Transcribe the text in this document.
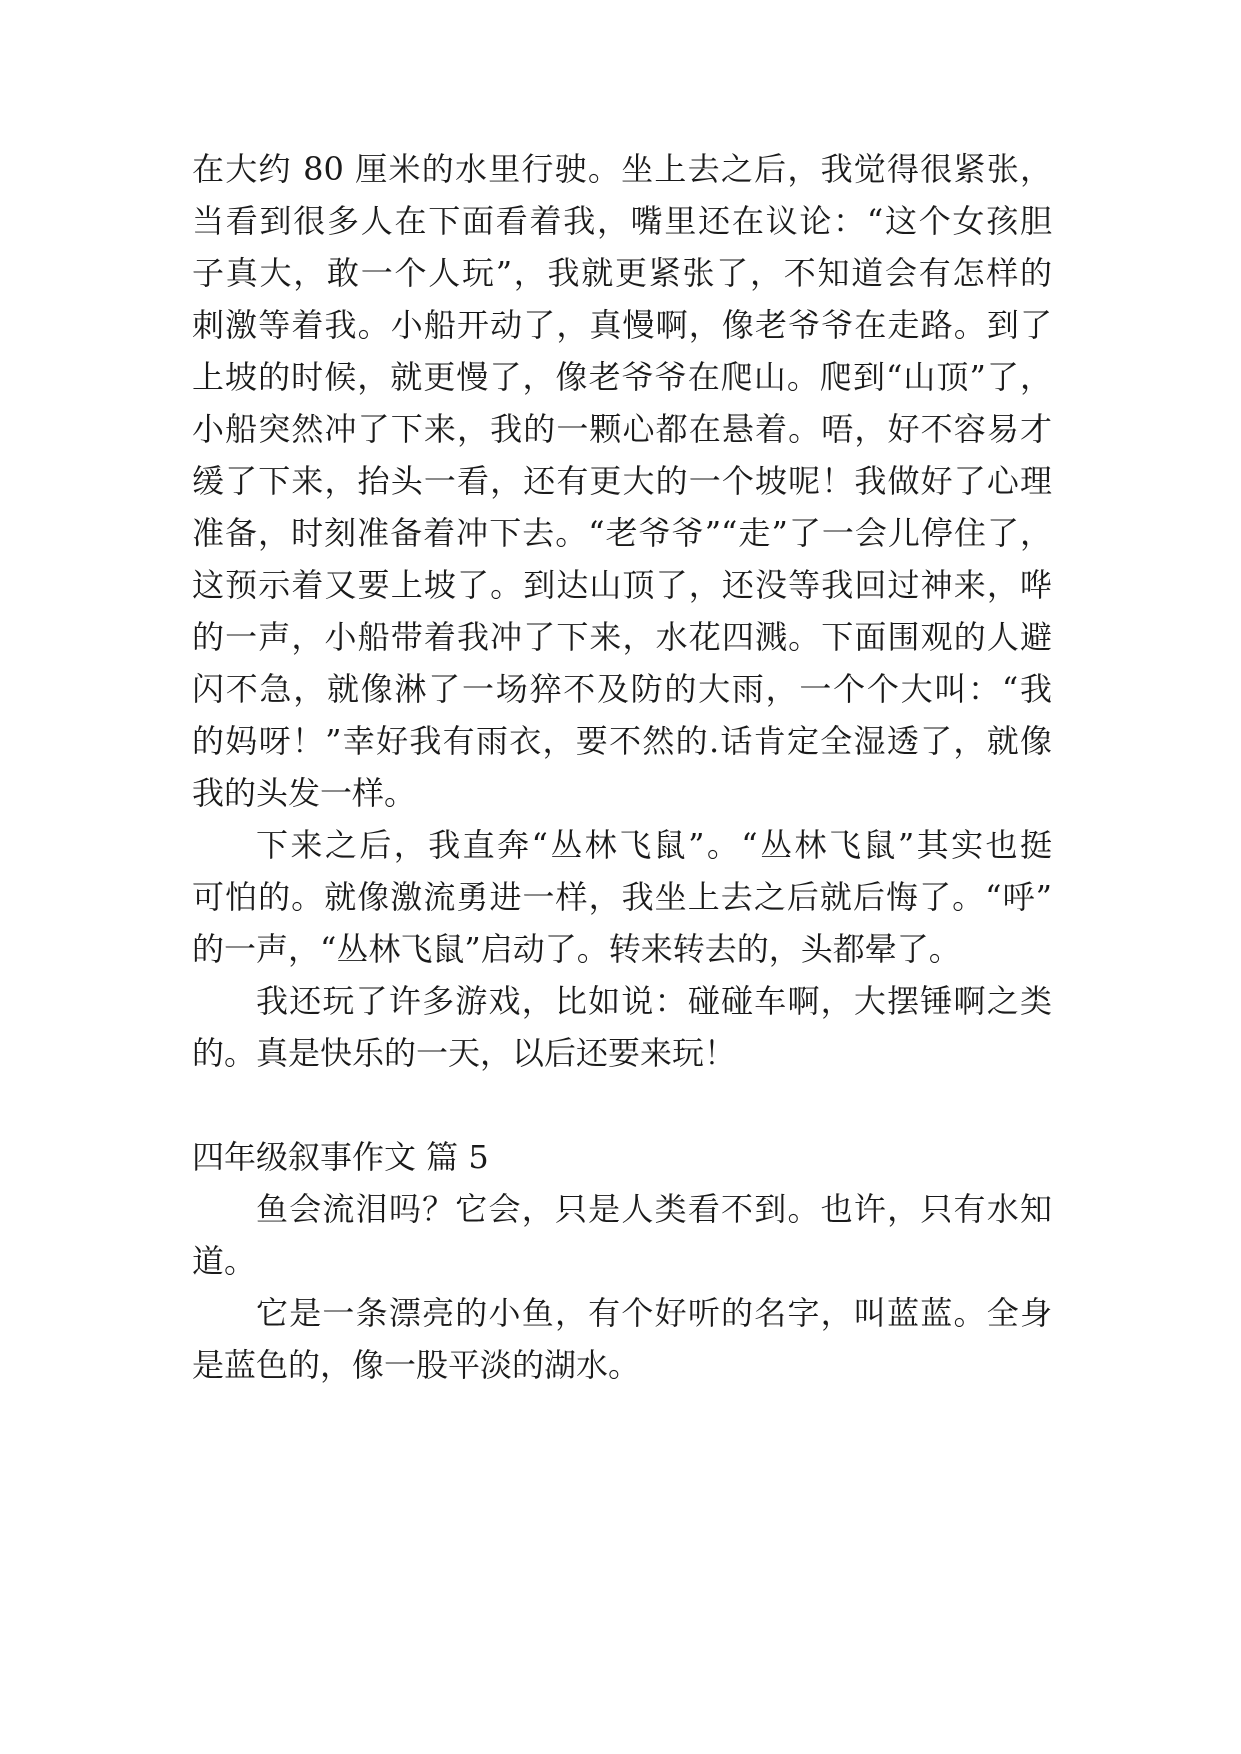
在大约 80 厘米的水里行驶。坐上去之后，我觉得很紧张，
当看到很多人在下面看着我，嘴里还在议论：“这个女孩胆
子真大，敢一个人玩”，我就更紧张了，不知道会有怎样的
刺激等着我。小船开动了，真慢啊，像老爷爷在走路。到了
上坡的时候，就更慢了，像老爷爷在爬山。爬到“山顶”了，
小船突然冲了下来，我的一颗心都在悬着。唔，好不容易才
缓了下来，抬头一看，还有更大的一个坡呢！我做好了心理
准备，时刻准备着冲下去。“老爷爷”“走”了一会儿停住了，
这预示着又要上坡了。到达山顶了，还没等我回过神来，哗
的一声，小船带着我冲了下来，水花四溅。下面围观的人避
闪不急，就像淋了一场猝不及防的大雨，一个个大叫：“我
的妈呀！”幸好我有雨衣，要不然的.话肯定全湿透了，就像
我的头发一样。
下来之后，我直奔“丛林飞鼠”。“丛林飞鼠”其实也挺
可怕的。就像激流勇进一样，我坐上去之后就后悔了。“呼”
的一声，“丛林飞鼠”启动了。转来转去的，头都晕了。
我还玩了许多游戏，比如说：碰碰车啊，大摆锤啊之类
的。真是快乐的一天，以后还要来玩！
四年级叙事作文 篇 5
鱼会流泪吗？它会，只是人类看不到。也许，只有水知
道。
它是一条漂亮的小鱼，有个好听的名字，叫蓝蓝。全身
是蓝色的，像一股平淡的湖水。
